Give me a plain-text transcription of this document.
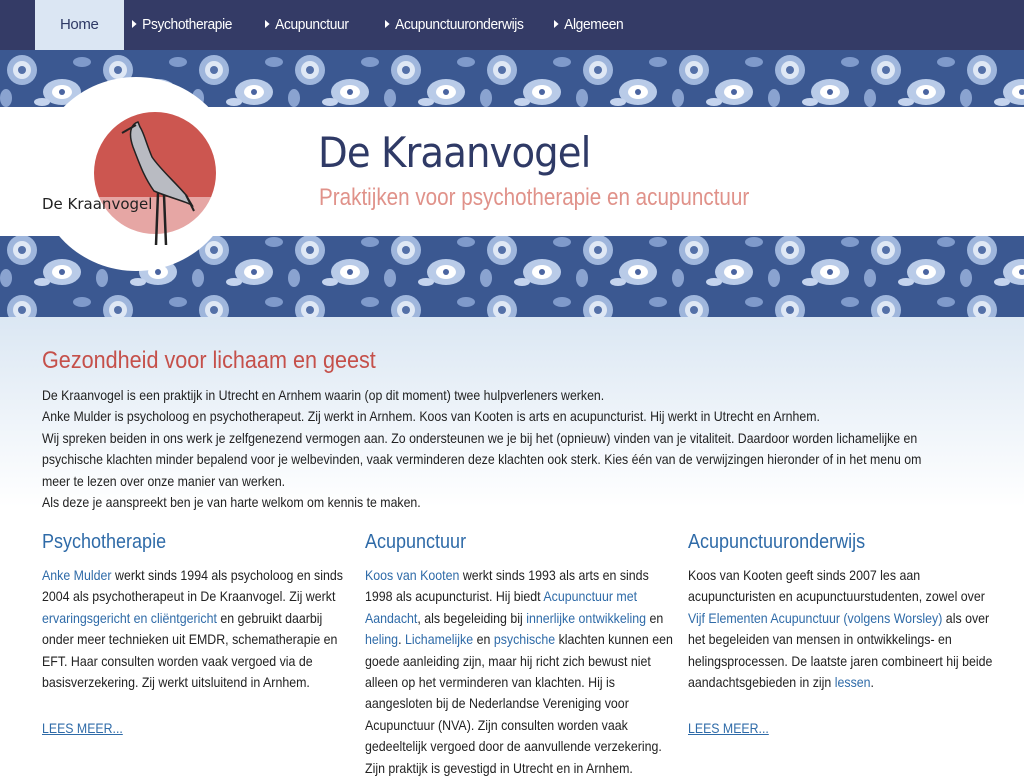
Home	Psychotherapie	Acupunctuur	Acupunctuuronderwijs	Algemeen
De Kraanvogel
De Kraanvogel
Praktijken voor psychotherapie en acupunctuur
Gezondheid voor lichaam en geest
De Kraanvogel is een praktijk in Utrecht en Arnhem waarin (op dit moment) twee hulpverleners werken.
Anke Mulder is psycholoog en psychotherapeut. Zij werkt in Arnhem. Koos van Kooten is arts en acupuncturist. Hij werkt in Utrecht en Arnhem.
Wij spreken beiden in ons werk je zelfgenezend vermogen aan. Zo ondersteunen we je bij het (opnieuw) vinden van je vitaliteit. Daardoor worden lichamelijke en psychische klachten minder bepalend voor je welbevinden, vaak verminderen deze klachten ook sterk. Kies één van de verwijzingen hieronder of in het menu om meer te lezen over onze manier van werken.
Als deze je aanspreekt ben je van harte welkom om kennis te maken.
Psychotherapie
Anke Mulder werkt sinds 1994 als psycholoog en sinds 2004 als psychotherapeut in De Kraanvogel. Zij werkt ervaringsgericht en cliëntgericht en gebruikt daarbij onder meer technieken uit EMDR, schematherapie en EFT. Haar consulten worden vaak vergoed via de basisverzekering. Zij werkt uitsluitend in Arnhem.
LEES MEER...
Acupunctuur
Koos van Kooten werkt sinds 1993 als arts en sinds 1998 als acupuncturist. Hij biedt Acupunctuur met Aandacht, als begeleiding bij innerlijke ontwikkeling en heling. Lichamelijke en psychische klachten kunnen een goede aanleiding zijn, maar hij richt zich bewust niet alleen op het verminderen van klachten. Hij is aangesloten bij de Nederlandse Vereniging voor Acupunctuur (NVA). Zijn consulten worden vaak gedeeltelijk vergoed door de aanvullende verzekering. Zijn praktijk is gevestigd in Utrecht en in Arnhem.
Acupunctuuronderwijs
Koos van Kooten geeft sinds 2007 les aan acupuncturisten en acupunctuurstudenten, zowel over Vijf Elementen Acupunctuur (volgens Worsley) als over het begeleiden van mensen in ontwikkelings- en helingsprocessen. De laatste jaren combineert hij beide aandachtsgebieden in zijn lessen.
LEES MEER...
